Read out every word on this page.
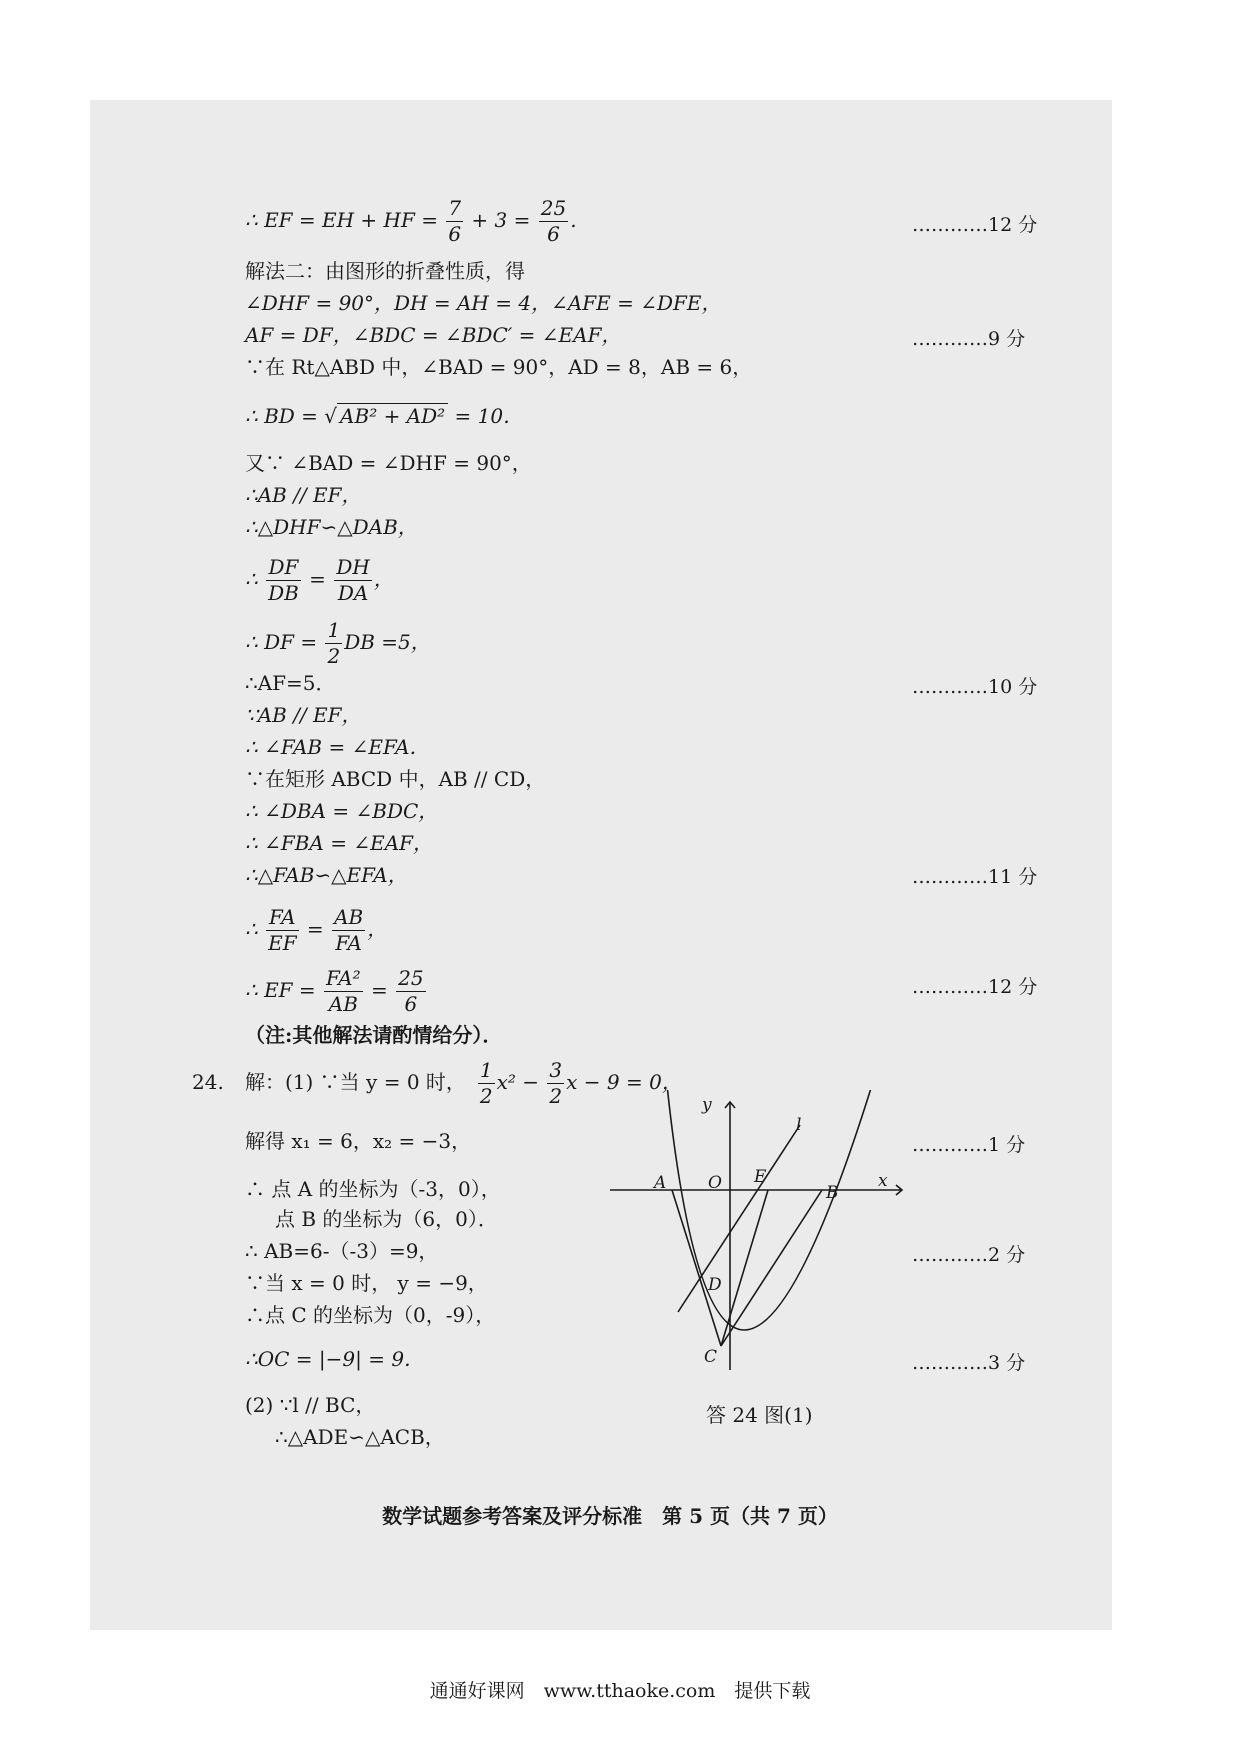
∴ EF = EH + HF = $\frac{7}{6} + 3 = \frac{25}{6}$ .	…………12 分
解法二：由图形的折叠性质，得
∠DHF = 90°，DH = AH = 4，∠AFE = ∠DFE，
AF = DF，∠BDC = ∠BDC′ = ∠EAF，	…………9 分
∵在 Rt△ABD 中，∠BAD = 90°，AD = 8，AB = 6，
∴ BD = √ AB² + AD² = 10．
又∵ ∠BAD = ∠DHF = 90°，
∴AB // EF，
∴△DHF∽△DAB，
∴ $\frac{DF}{DB} = \frac{DH}{DA}$ ，
∴ DF = $\frac{1}{2}$ DB =5，
∴AF=5．	…………10 分
∵AB // EF，
∴ ∠FAB = ∠EFA．
∵在矩形 ABCD 中，AB // CD，
∴ ∠DBA = ∠BDC，
∴ ∠FBA = ∠EAF，
∴△FAB∽△EFA，	…………11 分
∴ $\frac{FA}{EF} = \frac{AB}{FA}$ ，
∴ EF = $\frac{\text{FA²}}{AB} = \frac{25}{6}$	…………12 分
（注:其他解法请酌情给分）．
24. 解：(1) ∵当 y = 0 时，　 $\frac{1}{2} x^2 - \frac{3}{2}$ x − 9 = 0，
解得 x₁ = 6，x₂ = −3，	…………1 分
∴ 点 A 的坐标为（-3，0），
点 B 的坐标为（6，0）．
∴ AB=6-（-3）=9，	…………2 分
∵当 x = 0 时， y = −9，
∴点 C 的坐标为（0，-9），
∴OC = |−9| = 9．	…………3 分
(2) ∵l // BC，
∴△ADE∽△ACB，
y
x
l
A O E
B
D
C
答 24 图(1)
数学试题参考答案及评分标准　第 5 页（共 7 页）
通通好课网　www.tthaoke.com　提供下载
